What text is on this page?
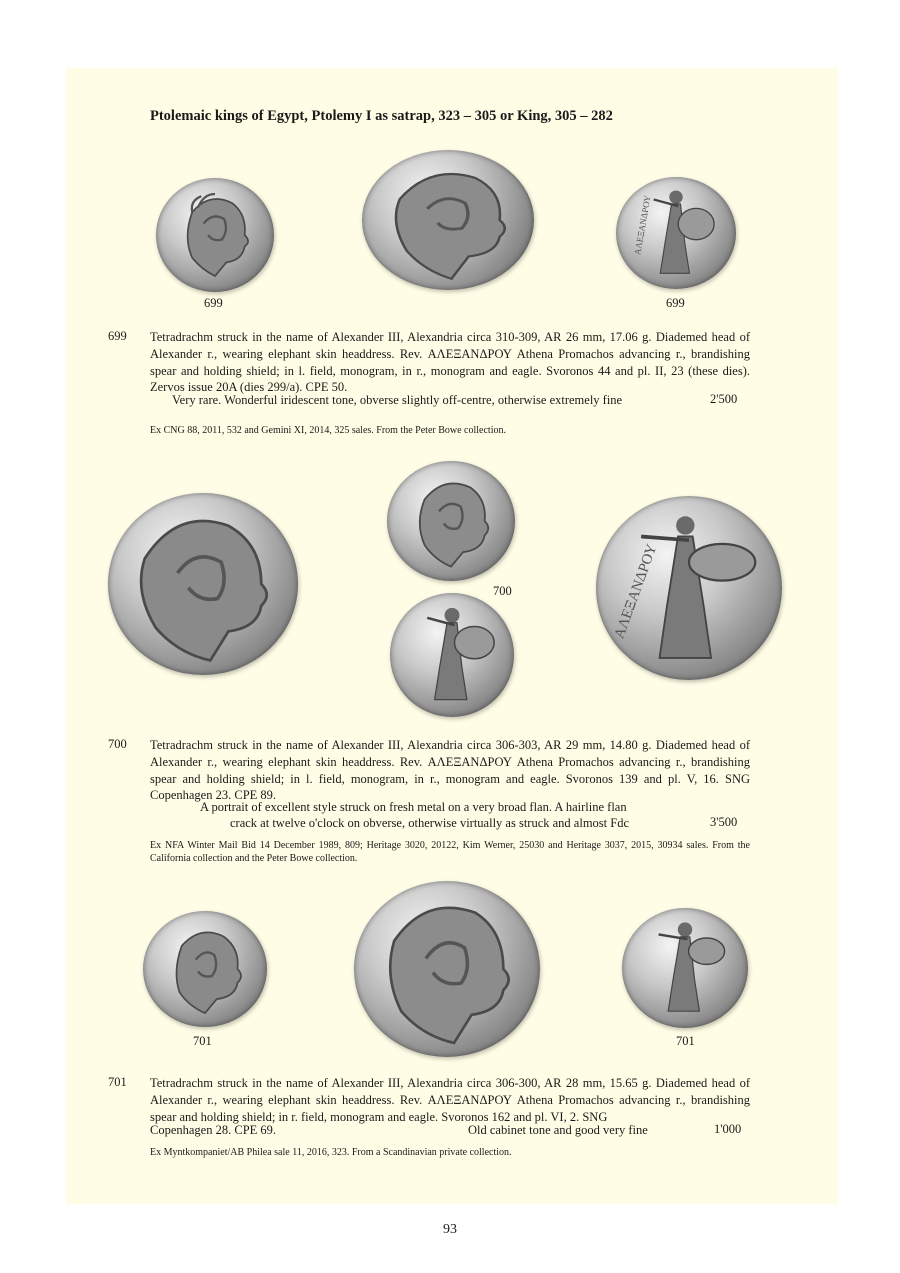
Ptolemaic kings of Egypt, Ptolemy I as satrap, 323 – 305 or King, 305 – 282
ΑΛΕΞΑΝΔΡΟΥ
699	699
699 Tetradrachm struck in the name of Alexander III, Alexandria circa 310-309, AR 26 mm, 17.06 g. Diademed head of Alexander r., wearing elephant skin headdress. Rev. ΑΛΕΞΑΝΔΡΟΥ Athena Promachos advancing r., brandishing spear and holding shield; in l. field, monogram, in r., monogram and eagle. Svoronos 44 and pl. II, 23 (these dies). Zervos issue 20A (dies 299/a). CPE 50.
Very rare. Wonderful iridescent tone, obverse slightly off-centre, otherwise extremely fine	2'500
Ex CNG 88, 2011, 532 and Gemini XI, 2014, 325 sales. From the Peter Bowe collection.
ΑΛΕΞΑΝΔΡΟΥ
700
700 Tetradrachm struck in the name of Alexander III, Alexandria circa 306-303, AR 29 mm, 14.80 g. Diademed head of Alexander r., wearing elephant skin headdress. Rev. ΑΛΕΞΑΝΔΡΟΥ Athena Promachos advancing r., brandishing spear and holding shield; in l. field, monogram, in r., monogram and eagle. Svoronos 139 and pl. V, 16. SNG Copenhagen 23. CPE 89.
A portrait of excellent style struck on fresh metal on a very broad flan. A hairline flan
crack at twelve o'clock on obverse, otherwise virtually as struck and almost Fdc	3'500
Ex NFA Winter Mail Bid 14 December 1989, 809; Heritage 3020, 20122, Kim Werner, 25030 and Heritage 3037, 2015, 30934 sales. From the California collection and the Peter Bowe collection.
701	701
701 Tetradrachm struck in the name of Alexander III, Alexandria circa 306-300, AR 28 mm, 15.65 g. Diademed head of Alexander r., wearing elephant skin headdress. Rev. ΑΛΕΞΑΝΔΡΟΥ Athena Promachos advancing r., brandishing spear and holding shield; in r. field, monogram and eagle. Svoronos 162 and pl. VI, 2. SNG
Copenhagen 28. CPE 69.	Old cabinet tone and good very fine	1'000
Ex Myntkompaniet/AB Philea sale 11, 2016, 323. From a Scandinavian private collection.
93
